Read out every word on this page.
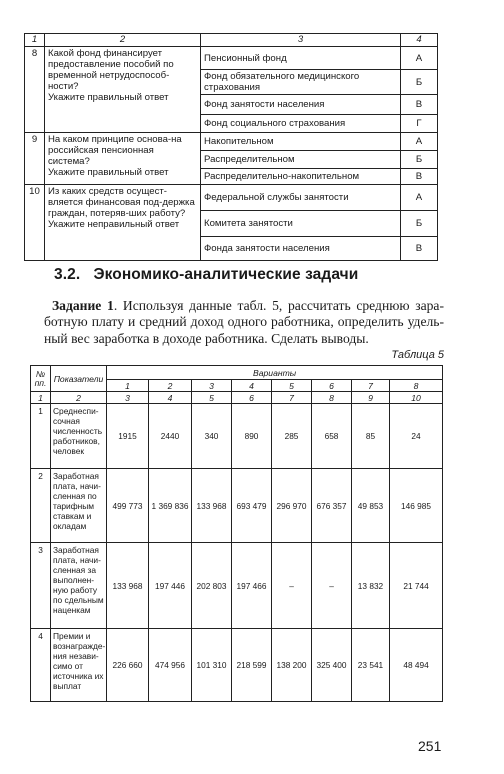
1	2	3	4
8	Какой фонд финансирует предоставление пособий по временной нетрудоспособ-ности?
Укажите правильный ответ	Пенсионный фонд	А
		Фонд обязательного медицинского страхования	Б
		Фонд занятости населения	В
		Фонд социального страхования	Г
9	На каком принципе основа-на российская пенсионная система?
Укажите правильный ответ	Накопительном	А
		Распределительном	Б
		Распределительно-накопительном	В
10	Из каких средств осущест-вляется финансовая под-держка граждан, потеряв-ших работу?
Укажите неправильный ответ	Федеральной службы занятости	А
		Комитета занятости	Б
		Фонда занятости населения	В
3.2.   Экономико-аналитические задачи
Задание 1. Используя данные табл. 5, рассчитать среднюю зара-ботную плату и средний доход одного работника, определить удель-ный вес заработка в доходе работника. Сделать выводы.
Таблица 5
№
пп.	Показатели	Варианты							
		1	2	3	4	5	6	7	8
1	2	3	4	5	6	7	8	9	10
1	Среднеспи-сочная численность работников, человек	1915	2440	340	890	285	658	85	24
2	Заработная плата, начи-сленная по тарифным ставкам и окладам	499 773	1 369 836	133 968	693 479	296 970	676 357	49 853	146 985
3	Заработная плата, начи-сленная за выполнен-ную работу по сдельным наценкам	133 968	197 446	202 803	197 466	–	–	13 832	21 744
4	Премии и вознагражде-ния незави-симо от источника их выплат	226 660	474 956	101 310	218 599	138 200	325 400	23 541	48 494
251
